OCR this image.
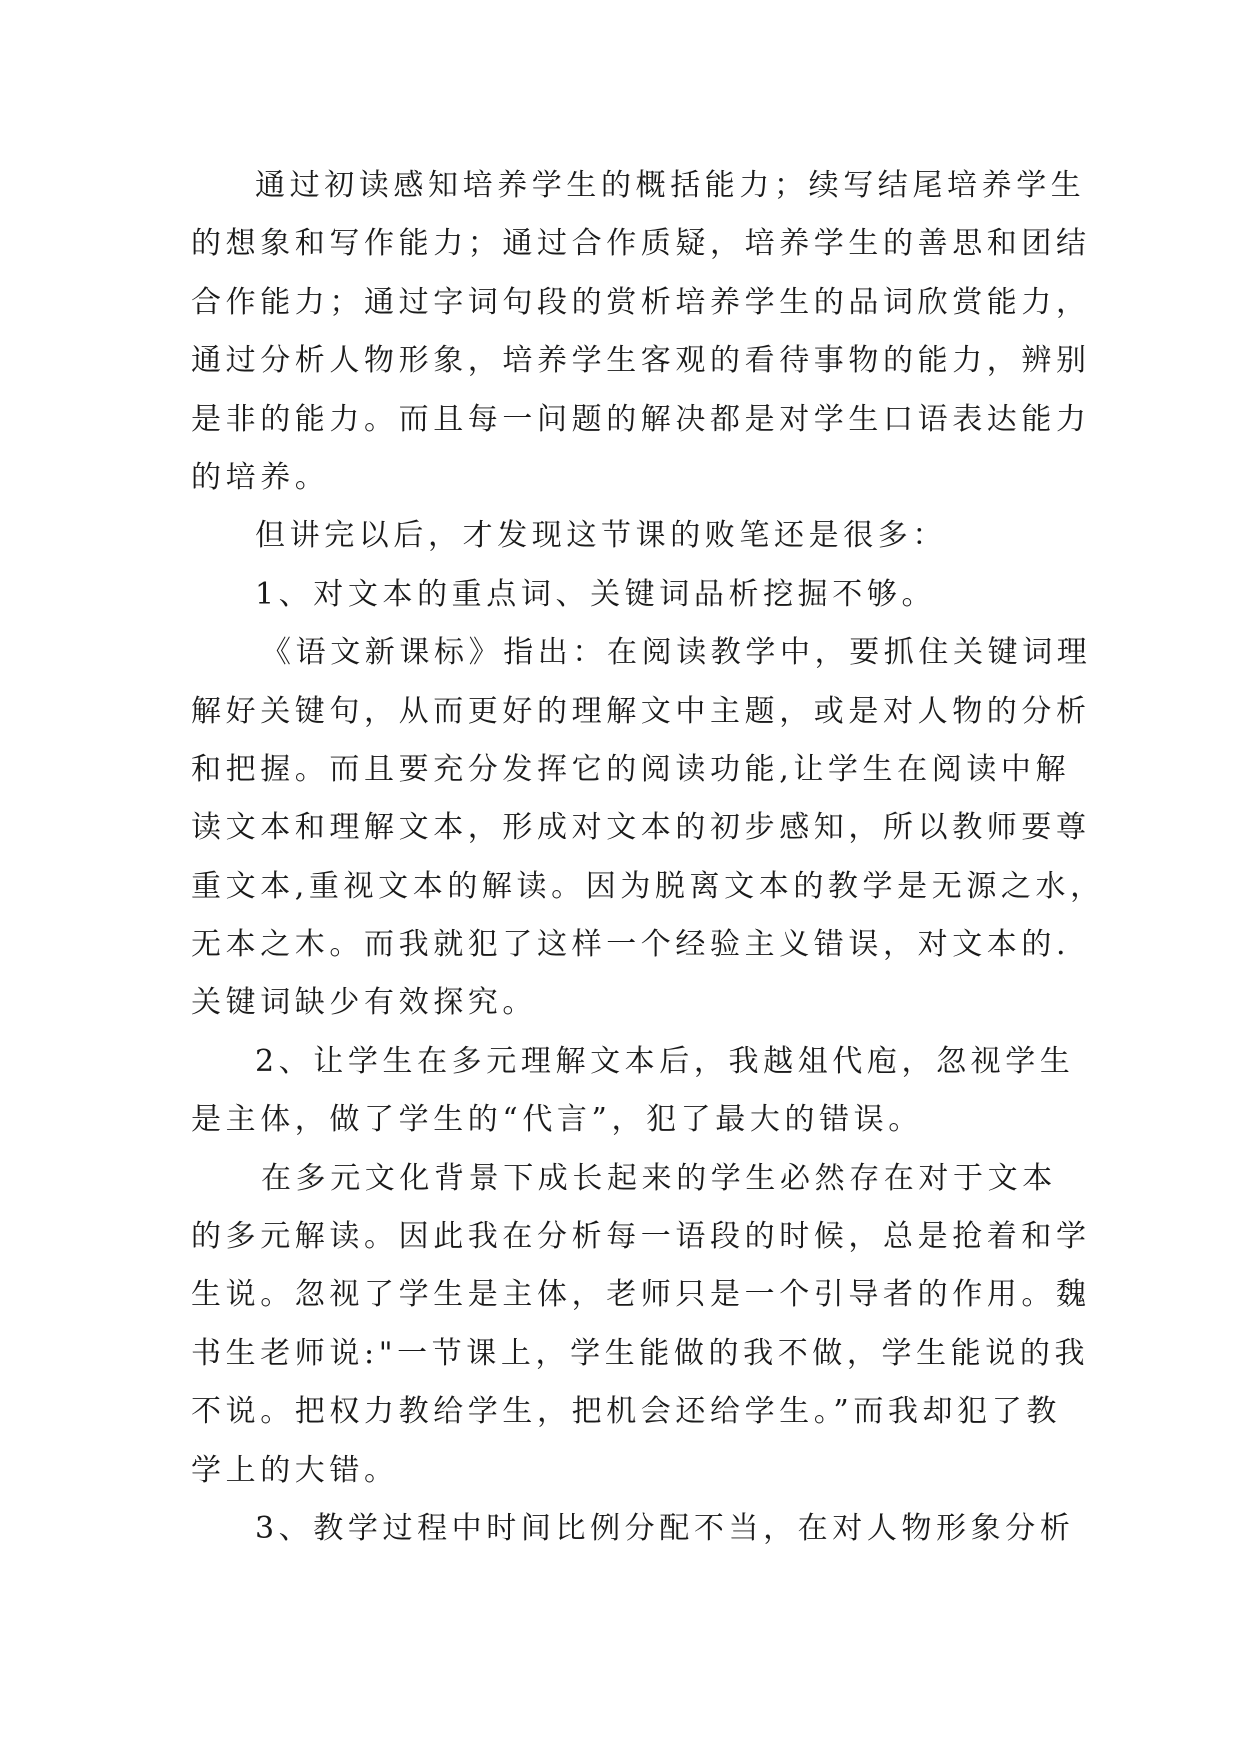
通过初读感知培养学生的概括能力；续写结尾培养学生
的想象和写作能力；通过合作质疑，培养学生的善思和团结
合作能力；通过字词句段的赏析培养学生的品词欣赏能力，
通过分析人物形象，培养学生客观的看待事物的能力，辨别
是非的能力。而且每一问题的解决都是对学生口语表达能力
的培养。
但讲完以后，才发现这节课的败笔还是很多：
1、对文本的重点词、关键词品析挖掘不够。
《语文新课标》指出：在阅读教学中，要抓住关键词理
解好关键句，从而更好的理解文中主题，或是对人物的分析
和把握。而且要充分发挥它的阅读功能,让学生在阅读中解
读文本和理解文本，形成对文本的初步感知，所以教师要尊
重文本,重视文本的解读。因为脱离文本的教学是无源之水，
无本之木。而我就犯了这样一个经验主义错误，对文本的.
关键词缺少有效探究。
2、让学生在多元理解文本后，我越俎代庖，忽视学生
是主体，做了学生的“代言”，犯了最大的错误。
在多元文化背景下成长起来的学生必然存在对于文本
的多元解读。因此我在分析每一语段的时候，总是抢着和学
生说。忽视了学生是主体，老师只是一个引导者的作用。魏
书生老师说:"一节课上，学生能做的我不做，学生能说的我
不说。把权力教给学生，把机会还给学生。”而我却犯了教
学上的大错。
3、教学过程中时间比例分配不当，在对人物形象分析
